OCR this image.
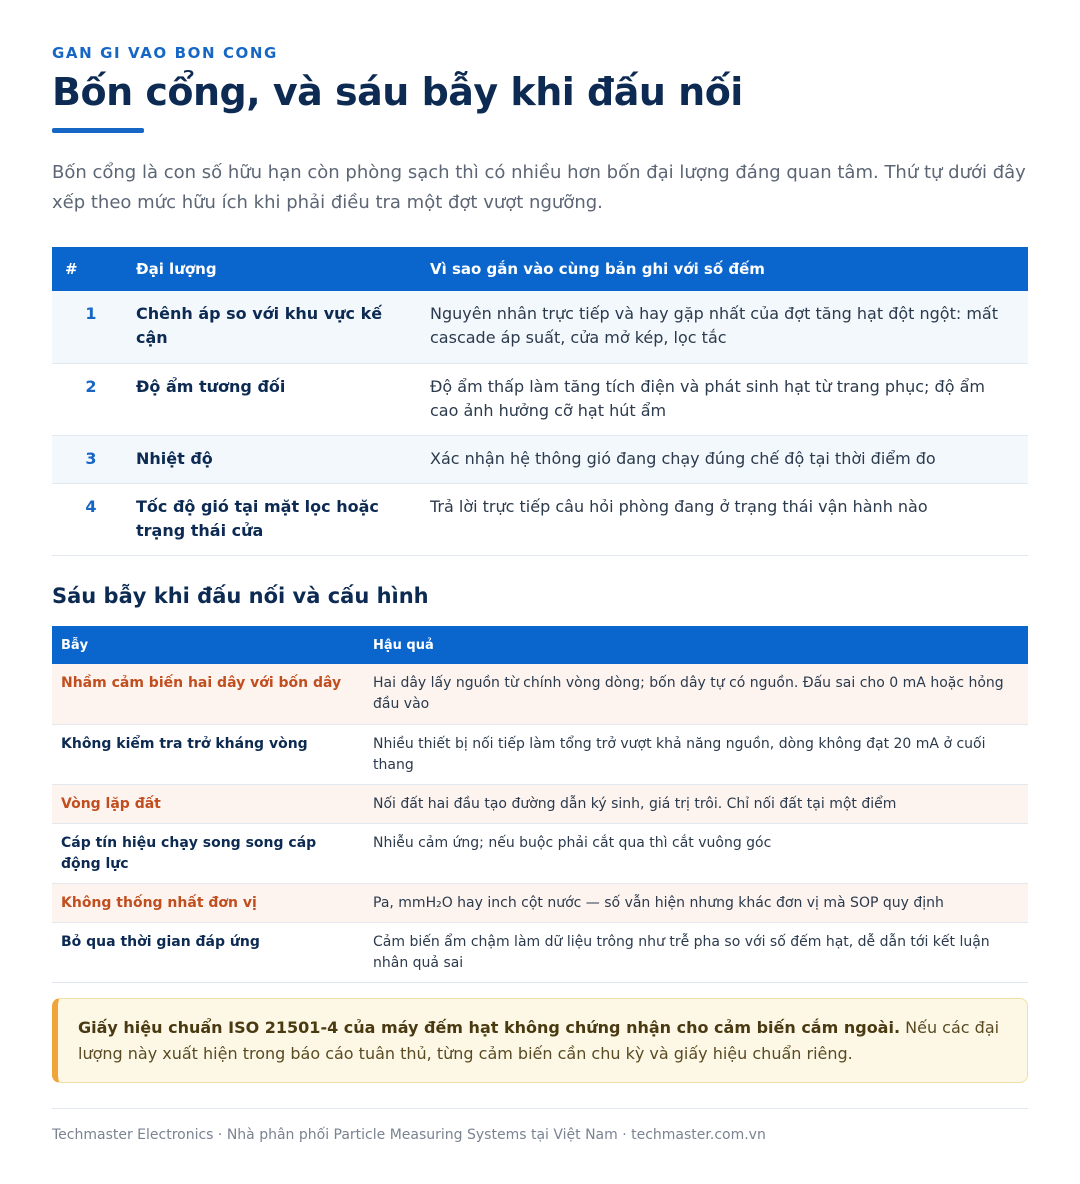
GAN GI VAO BON CONG
Bốn cổng, và sáu bẫy khi đấu nối

Bốn cổng là con số hữu hạn còn phòng sạch thì có nhiều hơn bốn đại lượng đáng quan tâm. Thứ tự dưới đây xếp theo mức hữu ích khi phải điều tra một đợt vượt ngưỡng.

#	Đại lượng	Vì sao gắn vào cùng bản ghi với số đếm
1	Chênh áp so với khu vực kế cận	Nguyên nhân trực tiếp và hay gặp nhất của đợt tăng hạt đột ngột: mất cascade áp suất, cửa mở kép, lọc tắc
2	Độ ẩm tương đối	Độ ẩm thấp làm tăng tích điện và phát sinh hạt từ trang phục; độ ẩm cao ảnh hưởng cỡ hạt hút ẩm
3	Nhiệt độ	Xác nhận hệ thông gió đang chạy đúng chế độ tại thời điểm đo
4	Tốc độ gió tại mặt lọc hoặc trạng thái cửa	Trả lời trực tiếp câu hỏi phòng đang ở trạng thái vận hành nào
Sáu bẫy khi đấu nối và cấu hình
Bẫy	Hậu quả
Nhầm cảm biến hai dây với bốn dây	Hai dây lấy nguồn từ chính vòng dòng; bốn dây tự có nguồn. Đấu sai cho 0 mA hoặc hỏng đầu vào
Không kiểm tra trở kháng vòng	Nhiều thiết bị nối tiếp làm tổng trở vượt khả năng nguồn, dòng không đạt 20 mA ở cuối thang
Vòng lặp đất	Nối đất hai đầu tạo đường dẫn ký sinh, giá trị trôi. Chỉ nối đất tại một điểm
Cáp tín hiệu chạy song song cáp động lực	Nhiễu cảm ứng; nếu buộc phải cắt qua thì cắt vuông góc
Không thống nhất đơn vị	Pa, mmH₂O hay inch cột nước — số vẫn hiện nhưng khác đơn vị mà SOP quy định
Bỏ qua thời gian đáp ứng	Cảm biến ẩm chậm làm dữ liệu trông như trễ pha so với số đếm hạt, dễ dẫn tới kết luận nhân quả sai
Giấy hiệu chuẩn ISO 21501-4 của máy đếm hạt không chứng nhận cho cảm biến cắm ngoài. Nếu các đại lượng này xuất hiện trong báo cáo tuân thủ, từng cảm biến cần chu kỳ và giấy hiệu chuẩn riêng.
Techmaster Electronics · Nhà phân phối Particle Measuring Systems tại Việt Nam · techmaster.com.vn
